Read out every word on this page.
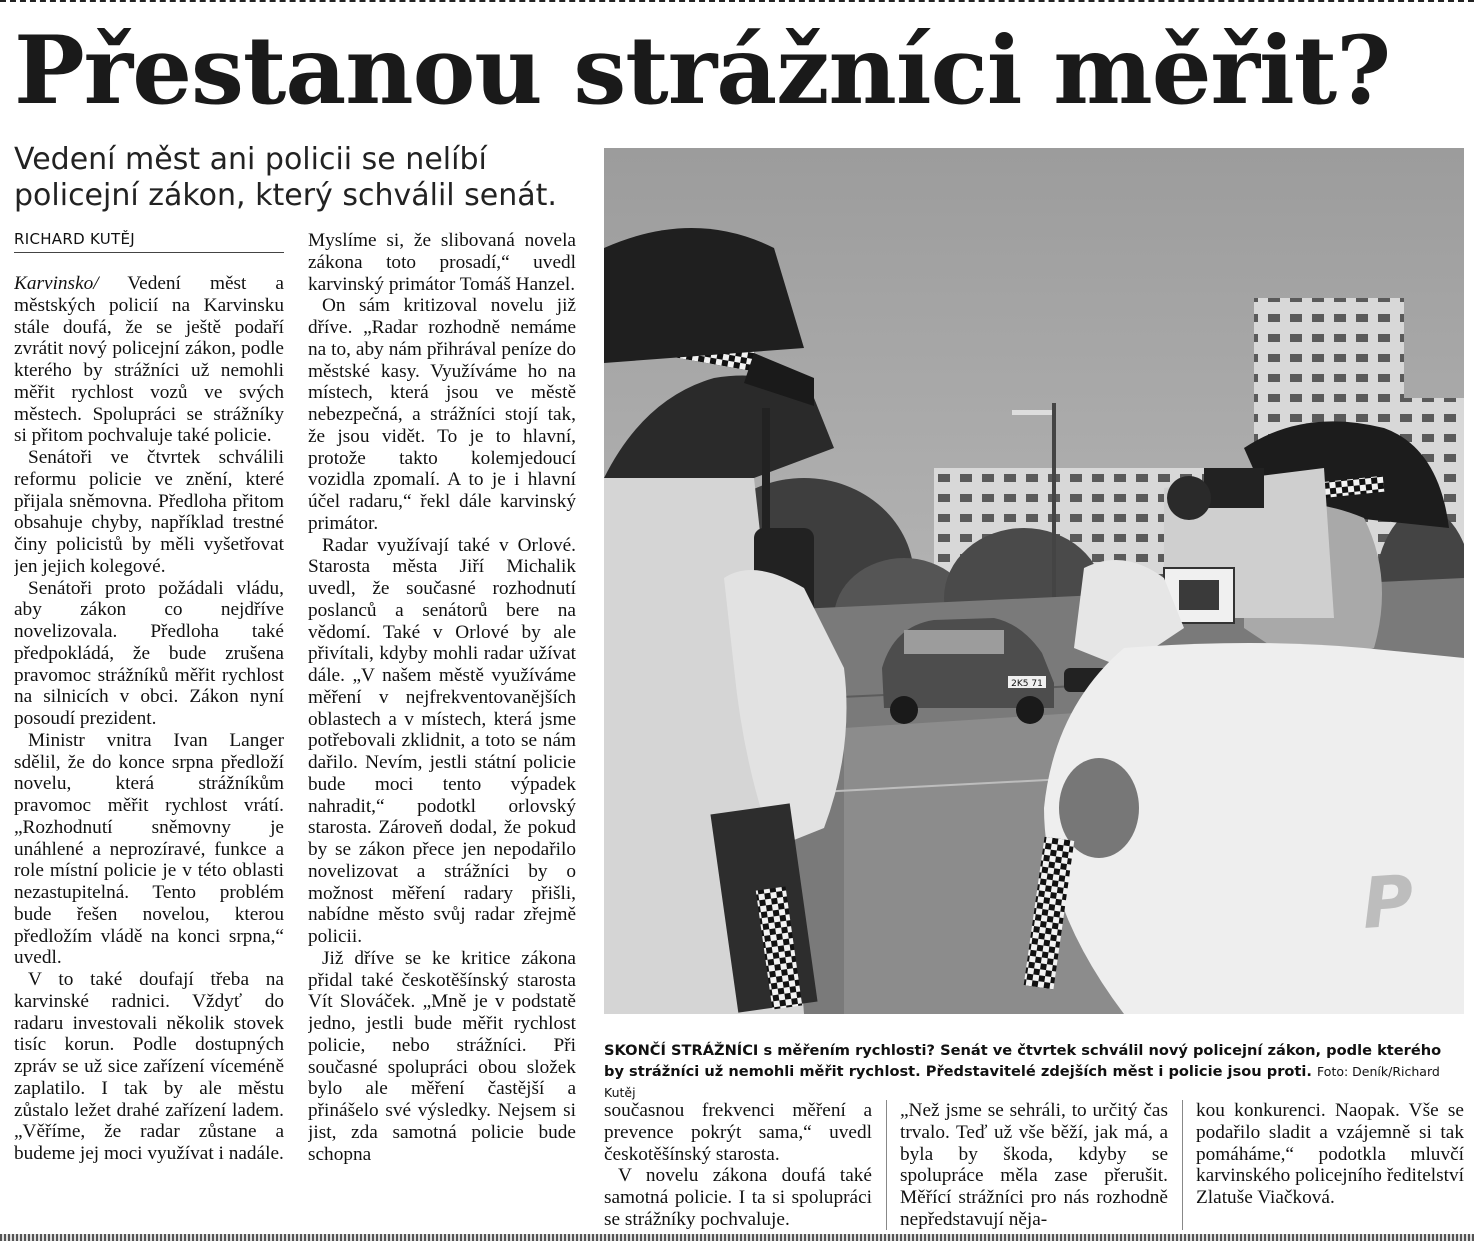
Přestanou strážníci měřit?
Vedení měst ani policii se nelíbí policejní zákon, který schválil senát.
RICHARD KUTĚJ

Karvinsko/ Vedení měst a městských policií na Karvinsku stále doufá, že se ještě podaří zvrátit nový policejní zákon, podle kterého by strážníci už nemohli měřit rychlost vozů ve svých městech. Spolupráci se strážníky si přitom pochvaluje také policie.

Senátoři ve čtvrtek schválili reformu policie ve znění, které přijala sněmovna. Předloha přitom obsahuje chyby, například trestné činy policistů by měli vyšetřovat jen jejich kolegové.

Senátoři proto požádali vládu, aby zákon co nejdříve novelizovala. Předloha také předpokládá, že bude zrušena pravomoc strážníků měřit rychlost na silnicích v obci. Zákon nyní posoudí prezident.

Ministr vnitra Ivan Langer sdělil, že do konce srpna předloží novelu, která strážníkům pravomoc měřit rychlost vrátí. „Rozhodnutí sněmovny je unáhlené a neprozíravé, funkce a role místní policie je v této oblasti nezastupitelná. Tento problém bude řešen novelou, kterou předložím vládě na konci srpna,“ uvedl.

V to také doufají třeba na karvinské radnici. Vždyť do radaru investovali několik stovek tisíc korun. Podle dostupných zpráv se už sice zařízení víceméně zaplatilo. I tak by ale městu zůstalo ležet drahé zařízení ladem. „Věříme, že radar zůstane a budeme jej moci využívat i nadále.

Myslíme si, že slibovaná novela zákona toto prosadí,“ uvedl karvinský primátor Tomáš Hanzel.

On sám kritizoval novelu již dříve. „Radar rozhodně nemáme na to, aby nám přihrával peníze do městské kasy. Využíváme ho na místech, která jsou ve městě nebezpečná, a strážníci stojí tak, že jsou vidět. To je to hlavní, protože takto kolemjedoucí vozidla zpomalí. A to je i hlavní účel radaru,“ řekl dále karvinský primátor.

Radar využívají také v Orlové. Starosta města Jiří Michalik uvedl, že současné rozhodnutí poslanců a senátorů bere na vědomí. Také v Orlové by ale přivítali, kdyby mohli radar užívat dále. „V našem městě využíváme měření v nejfrekventovanějších oblastech a v místech, která jsme potřebovali zklidnit, a toto se nám dařilo. Nevím, jestli státní policie bude moci tento výpadek nahradit,“ podotkl orlovský starosta. Zároveň dodal, že pokud by se zákon přece jen nepodařilo novelizovat a strážníci by o možnost měření radary přišli, nabídne město svůj radar zřejmě policii.

Již dříve se ke kritice zákona přidal také českotěšínský starosta Vít Slováček. „Mně je v podstatě jedno, jestli bude měřit rychlost policie, nebo strážníci. Při současné spolupráci obou složek bylo ale měření častější a přinášelo své výsledky. Nejsem si jist, zda samotná policie bude schopna

2K5 71
P
SKONČÍ STRÁŽNÍCI s měřením rychlosti? Senát ve čtvrtek schválil nový policejní zákon, podle kterého by strážníci už nemohli měřit rychlost. Představitelé zdejších měst i policie jsou proti. Foto: Deník/Richard Kutěj

současnou frekvenci měření a prevence pokrýt sama,“ uvedl českotěšínský starosta.

V novelu zákona doufá také samotná policie. I ta si spolupráci se strážníky pochvaluje.

„Než jsme se sehráli, to určitý čas trvalo. Teď už vše běží, jak má, a byla by škoda, kdyby se spolupráce měla zase přerušit. Měřící strážníci pro nás rozhodně nepředstavují něja-

kou konkurenci. Naopak. Vše se podařilo sladit a vzájemně si tak pomáháme,“ podotkla mluvčí karvinského policejního ředitelství Zlatuše Viačková.
